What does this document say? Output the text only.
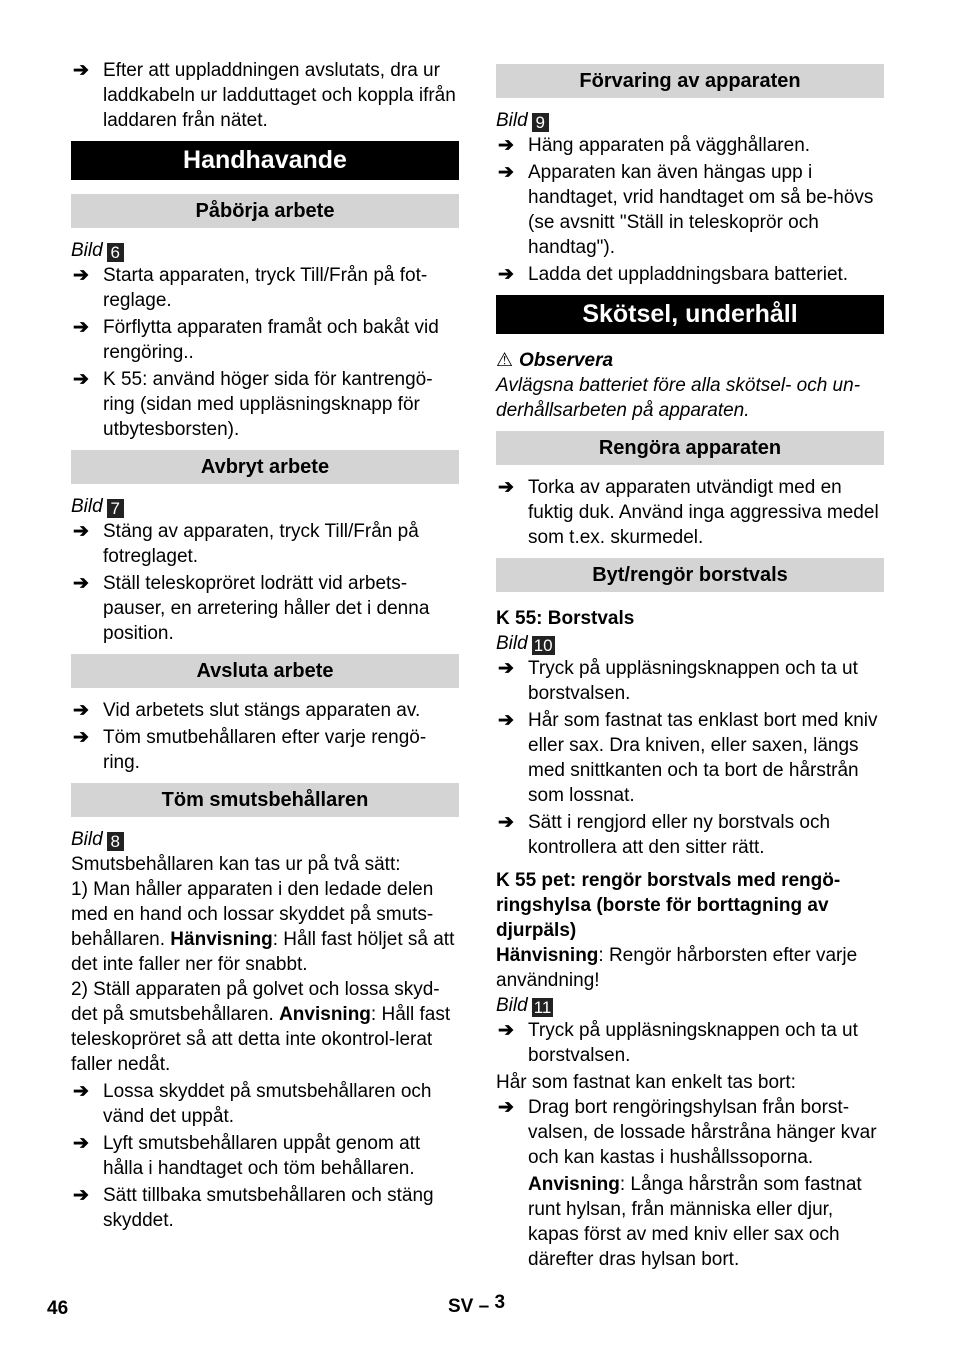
➔ Efter att uppladdningen avslutats, dra ur laddkabeln ur ladduttaget och koppla ifrån laddaren från nätet.
Handhavande
Påbörja arbete

Bild 6

➔ Starta apparaten, tryck Till/Från på fot-reglage.
➔ Förflytta apparaten framåt och bakåt vid rengöring..
➔ K 55: använd höger sida för kantrengö-ring (sidan med uppläsningsknapp för utbytesborsten).
Avbryt arbete

Bild 7

➔ Stäng av apparaten, tryck Till/Från på fotreglaget.
➔ Ställ teleskopröret lodrätt vid arbets-pauser, en arretering håller det i denna position.
Avsluta arbete
➔ Vid arbetets slut stängs apparaten av.
➔ Töm smutbehållaren efter varje rengö-ring.
Töm smutsbehållaren

Bild 8

Smutsbehållaren kan tas ur på två sätt:

1) Man håller apparaten i den ledade delen med en hand och lossar skyddet på smuts-behållaren. Hänvisning: Håll fast höljet så att det inte faller ner för snabbt.

2) Ställ apparaten på golvet och lossa skyd-det på smutsbehållaren. Anvisning: Håll fast teleskopröret så att detta inte okontrol-lerat faller nedåt.

➔ Lossa skyddet på smutsbehållaren och vänd det uppåt.
➔ Lyft smutsbehållaren uppåt genom att hålla i handtaget och töm behållaren.
➔ Sätt tillbaka smutsbehållaren och stäng skyddet.
Förvaring av apparaten

Bild 9

➔ Häng apparaten på vägghållaren.
➔ Apparaten kan även hängas upp i handtaget, vrid handtaget om så be-hövs (se avsnitt "Ställ in teleskoprör och handtag").
➔ Ladda det uppladdningsbara batteriet.
Skötsel, underhåll

⚠ Observera

Avlägsna batteriet före alla skötsel- och un-derhållsarbeten på apparaten.

Rengöra apparaten
➔ Torka av apparaten utvändigt med en fuktig duk. Använd inga aggressiva medel som t.ex. skurmedel.
Byt/rengör borstvals

K 55: Borstvals

Bild 10

➔ Tryck på uppläsningsknappen och ta ut borstvalsen.
➔ Hår som fastnat tas enklast bort med kniv eller sax. Dra kniven, eller saxen, längs med snittkanten och ta bort de hårstrån som lossnat.
➔ Sätt i rengjord eller ny borstvals och kontrollera att den sitter rätt.

K 55 pet: rengör borstvals med rengö-ringshylsa (borste för borttagning av djurpäls)

Hänvisning: Rengör hårborsten efter varje användning!

Bild 11

➔ Tryck på uppläsningsknappen och ta ut borstvalsen.

Hår som fastnat kan enkelt tas bort:

➔ Drag bort rengöringshylsan från borst-valsen, de lossade hårstråna hänger kvar och kan kastas i hushållssoporna.

Anvisning: Långa hårstrån som fastnat runt hylsan, från människa eller djur, kapas först av med kniv eller sax och därefter dras hylsan bort.

46	SV – 3
